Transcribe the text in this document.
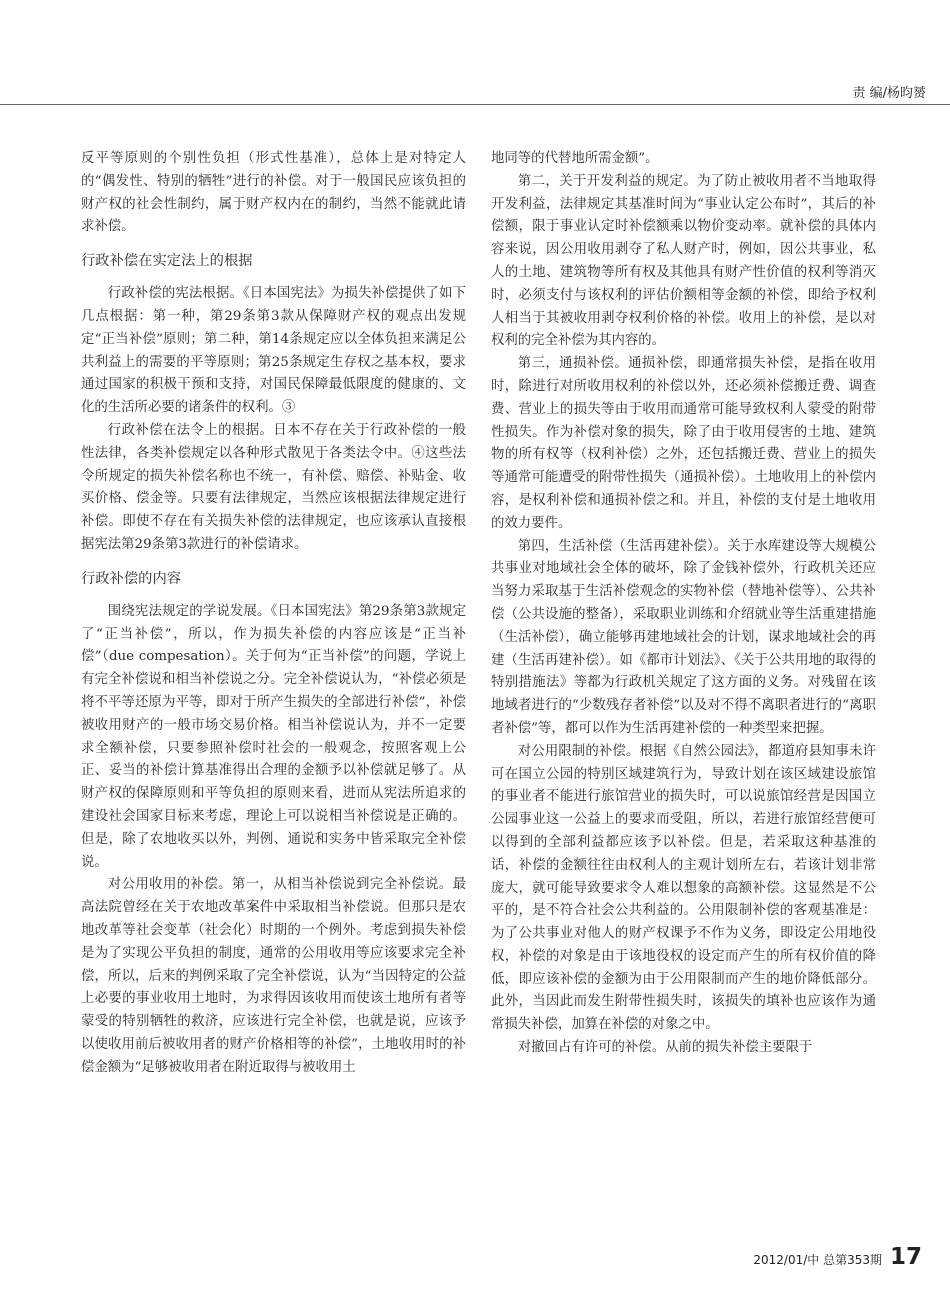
责 编/杨昀赟

反平等原则的个别性负担（形式性基准），总体上是对特定人的“偶发性、特别的牺牲”进行的补偿。对于一般国民应该负担的财产权的社会性制约，属于财产权内在的制约，当然不能就此请求补偿。

行政补偿在实定法上的根据

行政补偿的宪法根据。《日本国宪法》为损失补偿提供了如下几点根据：第一种，第29条第3款从保障财产权的观点出发规定“正当补偿”原则；第二种，第14条规定应以全体负担来满足公共利益上的需要的平等原则；第25条规定生存权之基本权，要求通过国家的积极干预和支持，对国民保障最低限度的健康的、文化的生活所必要的诸条件的权利。③

行政补偿在法令上的根据。日本不存在关于行政补偿的一般性法律，各类补偿规定以各种形式散见于各类法令中。④这些法令所规定的损失补偿名称也不统一，有补偿、赔偿、补贴金、收买价格、偿金等。只要有法律规定，当然应该根据法律规定进行补偿。即使不存在有关损失补偿的法律规定，也应该承认直接根据宪法第29条第3款进行的补偿请求。

行政补偿的内容

围绕宪法规定的学说发展。《日本国宪法》第29条第3款规定了“正当补偿”，所以，作为损失补偿的内容应该是“正当补偿”（due compesation）。关于何为“正当补偿”的问题，学说上有完全补偿说和相当补偿说之分。完全补偿说认为，“补偿必须是将不平等还原为平等，即对于所产生损失的全部进行补偿”，补偿被收用财产的一般市场交易价格。相当补偿说认为，并不一定要求全额补偿，只要参照补偿时社会的一般观念，按照客观上公正、妥当的补偿计算基准得出合理的金额予以补偿就足够了。从财产权的保障原则和平等负担的原则来看，进而从宪法所追求的建设社会国家目标来考虑，理论上可以说相当补偿说是正确的。但是，除了农地收买以外，判例、通说和实务中皆采取完全补偿说。

对公用收用的补偿。第一，从相当补偿说到完全补偿说。最高法院曾经在关于农地改革案件中采取相当补偿说。但那只是农地改革等社会变革（社会化）时期的一个例外。考虑到损失补偿是为了实现公平负担的制度，通常的公用收用等应该要求完全补偿，所以，后来的判例采取了完全补偿说，认为“当因特定的公益上必要的事业收用土地时，为求得因该收用而使该土地所有者等蒙受的特别牺牲的救济，应该进行完全补偿，也就是说，应该予以使收用前后被收用者的财产价格相等的补偿”，土地收用时的补偿金额为“足够被收用者在附近取得与被收用土

地同等的代替地所需金额”。

第二，关于开发利益的规定。为了防止被收用者不当地取得开发利益，法律规定其基准时间为“事业认定公布时”，其后的补偿额，限于事业认定时补偿额乘以物价变动率。就补偿的具体内容来说，因公用收用剥夺了私人财产时，例如，因公共事业，私人的土地、建筑物等所有权及其他具有财产性价值的权利等消灭时，必须支付与该权利的评估价额相等金额的补偿，即给予权利人相当于其被收用剥夺权利价格的补偿。收用上的补偿，是以对权利的完全补偿为其内容的。

第三，通损补偿。通损补偿，即通常损失补偿，是指在收用时，除进行对所收用权利的补偿以外，还必须补偿搬迁费、调查费、营业上的损失等由于收用而通常可能导致权利人蒙受的附带性损失。作为补偿对象的损失，除了由于收用侵害的土地、建筑物的所有权等（权利补偿）之外，还包括搬迁费、营业上的损失等通常可能遭受的附带性损失（通损补偿）。土地收用上的补偿内容，是权利补偿和通损补偿之和。并且，补偿的支付是土地收用的效力要件。

第四，生活补偿（生活再建补偿）。关于水库建设等大规模公共事业对地域社会全体的破坏，除了金钱补偿外，行政机关还应当努力采取基于生活补偿观念的实物补偿（替地补偿等）、公共补偿（公共设施的整备），采取职业训练和介绍就业等生活重建措施（生活补偿），确立能够再建地域社会的计划，谋求地域社会的再建（生活再建补偿）。如《都市计划法》、《关于公共用地的取得的特别措施法》等都为行政机关规定了这方面的义务。对残留在该地域者进行的“少数残存者补偿”以及对不得不离职者进行的“离职者补偿”等，都可以作为生活再建补偿的一种类型来把握。

对公用限制的补偿。根据《自然公园法》，都道府县知事未许可在国立公园的特别区域建筑行为，导致计划在该区域建设旅馆的事业者不能进行旅馆营业的损失时，可以说旅馆经营是因国立公园事业这一公益上的要求而受阻，所以，若进行旅馆经营便可以得到的全部利益都应该予以补偿。但是，若采取这种基准的话，补偿的金额往往由权利人的主观计划所左右，若该计划非常庞大，就可能导致要求令人难以想象的高额补偿。这显然是不公平的，是不符合社会公共利益的。公用限制补偿的客观基准是：为了公共事业对他人的财产权课予不作为义务，即设定公用地役权，补偿的对象是由于该地役权的设定而产生的所有权价值的降低，即应该补偿的金额为由于公用限制而产生的地价降低部分。此外，当因此而发生附带性损失时，该损失的填补也应该作为通常损失补偿，加算在补偿的对象之中。

对撤回占有许可的补偿。从前的损失补偿主要限于

2012/01/中 总第353期 17
